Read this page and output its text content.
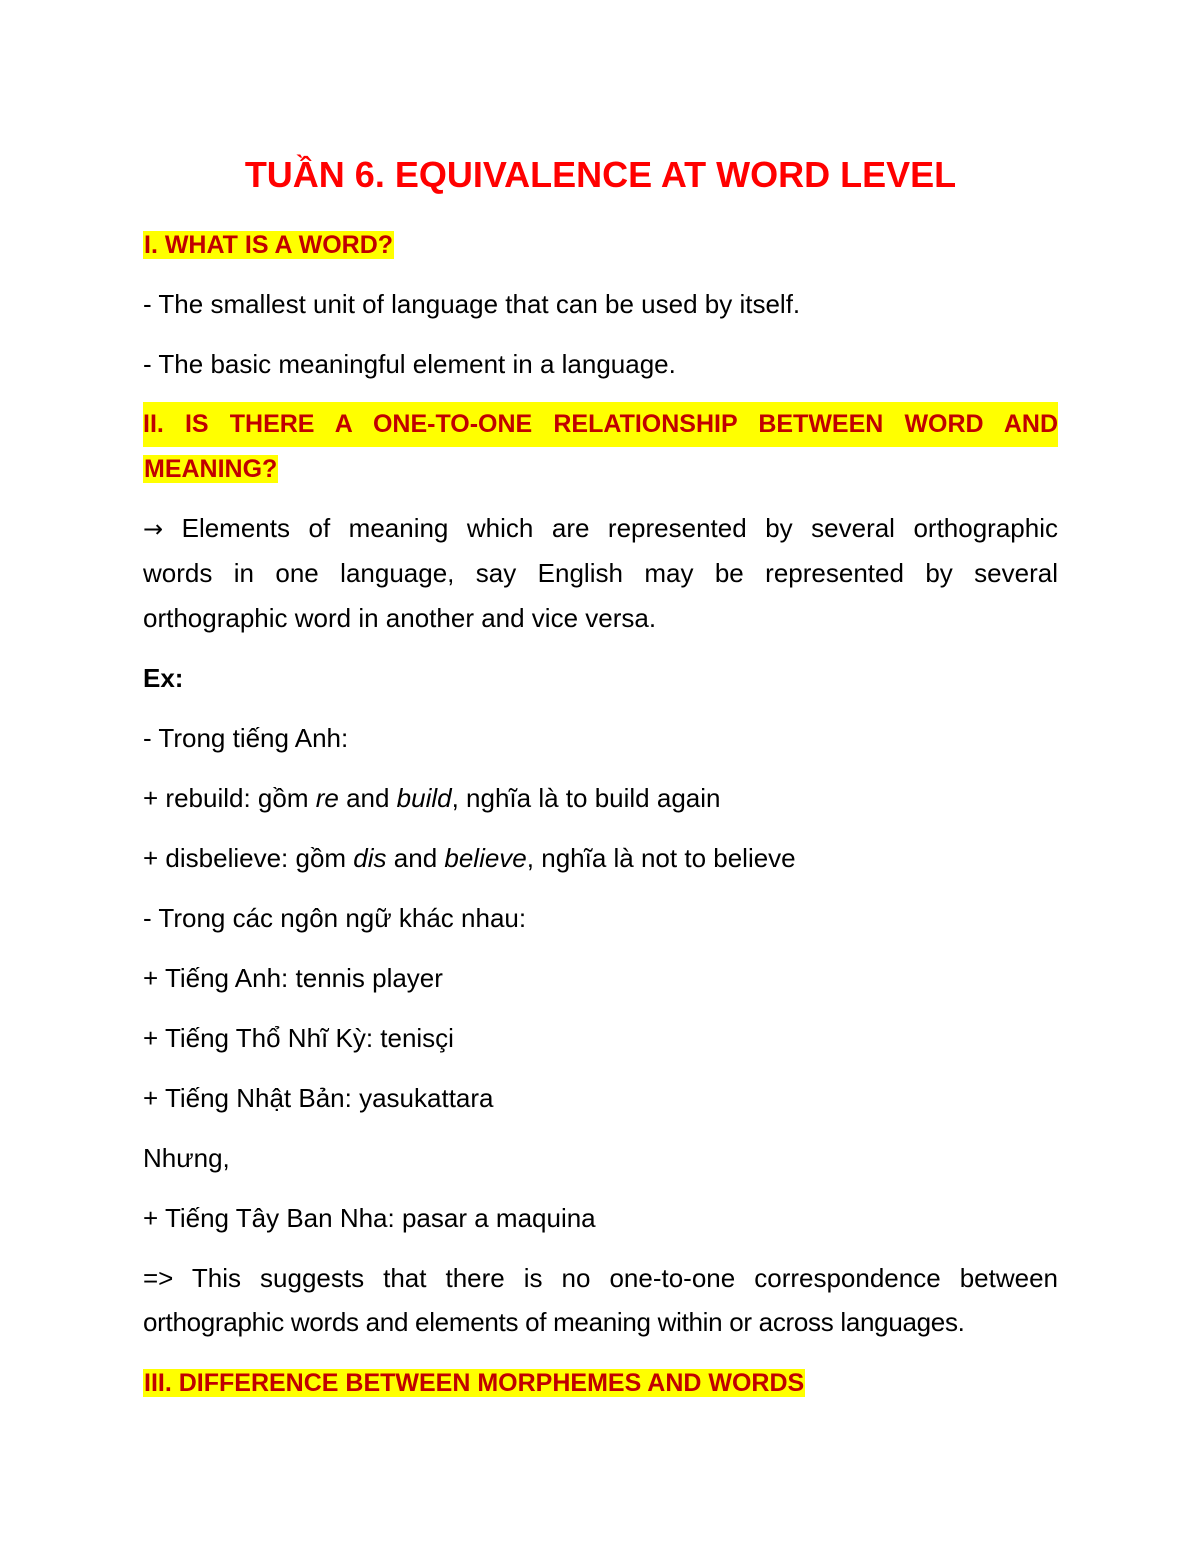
TUẦN 6. EQUIVALENCE AT WORD LEVEL

I. WHAT IS A WORD?

- The smallest unit of language that can be used by itself.

- The basic meaningful element in a language.

II. IS THERE A ONE-TO-ONE RELATIONSHIP BETWEEN WORD AND
MEANING?

→ Elements of meaning which are represented by several orthographic

words in one language, say English may be represented by several

orthographic word in another and vice versa.

Ex:

- Trong tiếng Anh:

+ rebuild: gồm re and build, nghĩa là to build again

+ disbelieve: gồm dis and believe, nghĩa là not to believe

- Trong các ngôn ngữ khác nhau:

+ Tiếng Anh: tennis player

+ Tiếng Thổ Nhĩ Kỳ: tenisçi

+ Tiếng Nhật Bản: yasukattara

Nhưng,

+ Tiếng Tây Ban Nha: pasar a maquina

=> This suggests that there is no one-to-one correspondence between

orthographic words and elements of meaning within or across languages.

III. DIFFERENCE BETWEEN MORPHEMES AND WORDS
